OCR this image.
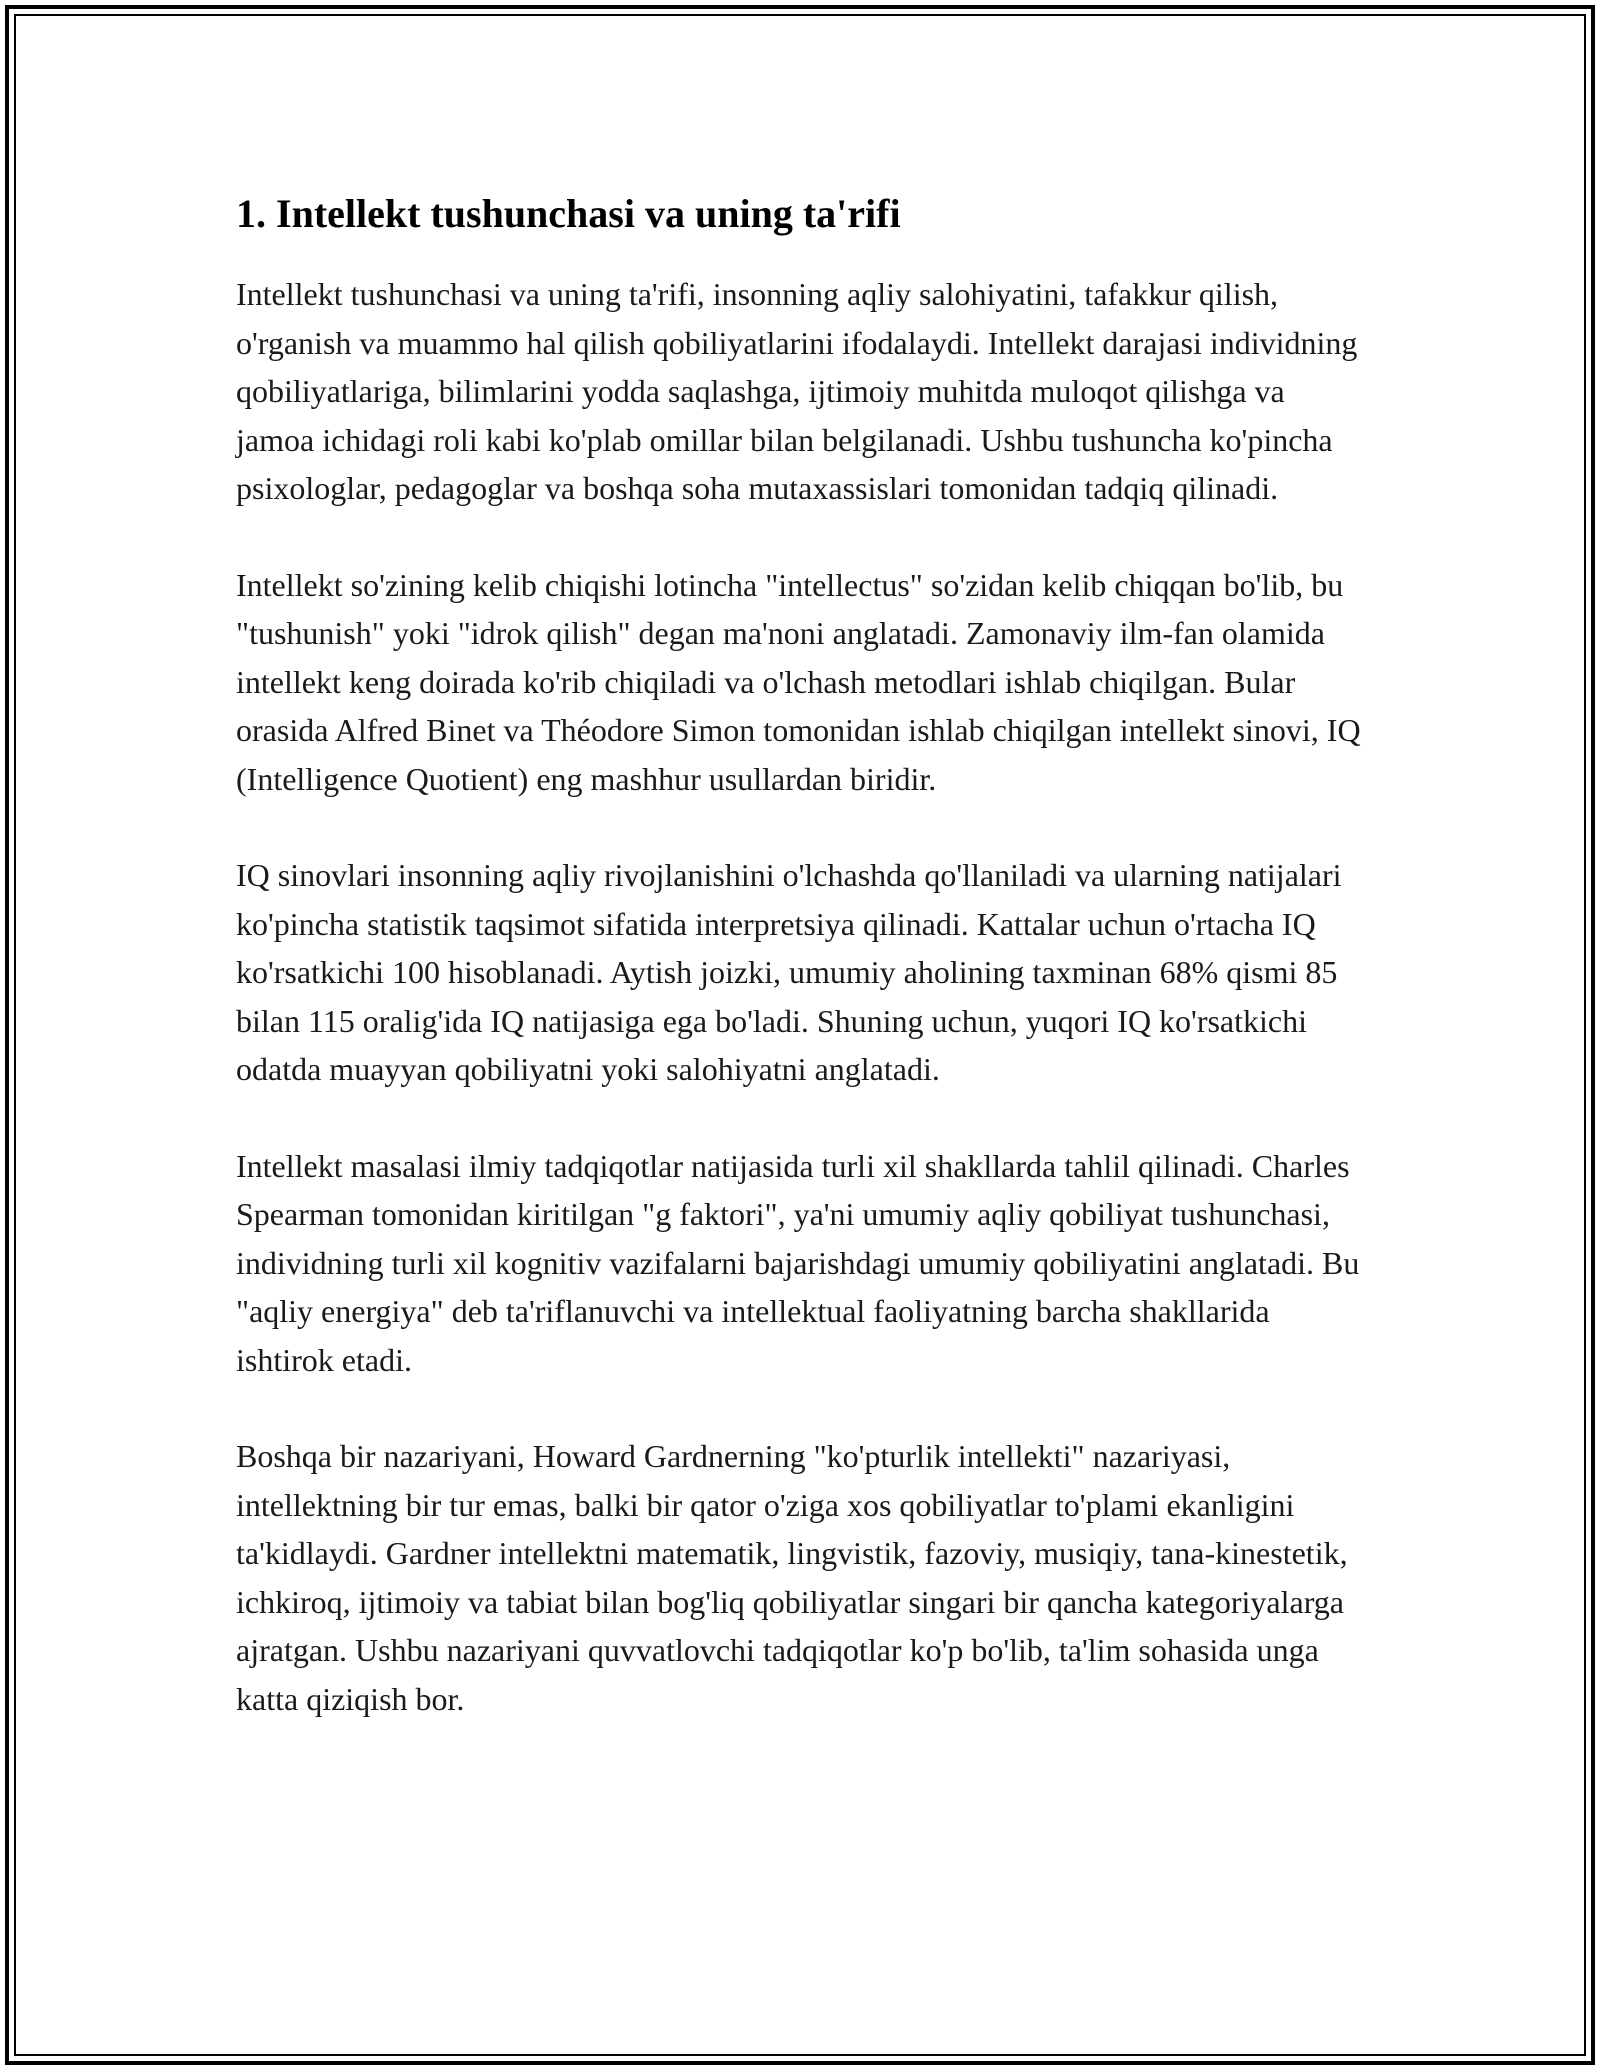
1. Intellekt tushunchasi va uning ta'rifi

Intellekt tushunchasi va uning ta'rifi, insonning aqliy salohiyatini, tafakkur qilish, o'rganish va muammo hal qilish qobiliyatlarini ifodalaydi. Intellekt darajasi individning qobiliyatlariga, bilimlarini yodda saqlashga, ijtimoiy muhitda muloqot qilishga va jamoa ichidagi roli kabi ko'plab omillar bilan belgilanadi. Ushbu tushuncha ko'pincha psixologlar, pedagoglar va boshqa soha mutaxassislari tomonidan tadqiq qilinadi.

Intellekt so'zining kelib chiqishi lotincha "intellectus" so'zidan kelib chiqqan bo'lib, bu "tushunish" yoki "idrok qilish" degan ma'noni anglatadi. Zamonaviy ilm-fan olamida intellekt keng doirada ko'rib chiqiladi va o'lchash metodlari ishlab chiqilgan. Bular orasida Alfred Binet va Théodore Simon tomonidan ishlab chiqilgan intellekt sinovi, IQ (Intelligence Quotient) eng mashhur usullardan biridir.

IQ sinovlari insonning aqliy rivojlanishini o'lchashda qo'llaniladi va ularning natijalari ko'pincha statistik taqsimot sifatida interpretsiya qilinadi. Kattalar uchun o'rtacha IQ ko'rsatkichi 100 hisoblanadi. Aytish joizki, umumiy aholining taxminan 68% qismi 85 bilan 115 oralig'ida IQ natijasiga ega bo'ladi. Shuning uchun, yuqori IQ ko'rsatkichi odatda muayyan qobiliyatni yoki salohiyatni anglatadi.

Intellekt masalasi ilmiy tadqiqotlar natijasida turli xil shakllarda tahlil qilinadi. Charles Spearman tomonidan kiritilgan "g faktori", ya'ni umumiy aqliy qobiliyat tushunchasi, individning turli xil kognitiv vazifalarni bajarishdagi umumiy qobiliyatini anglatadi. Bu "aqliy energiya" deb ta'riflanuvchi va intellektual faoliyatning barcha shakllarida ishtirok etadi.

Boshqa bir nazariyani, Howard Gardnerning "ko'pturlik intellekti" nazariyasi, intellektning bir tur emas, balki bir qator o'ziga xos qobiliyatlar to'plami ekanligini ta'kidlaydi. Gardner intellektni matematik, lingvistik, fazoviy, musiqiy, tana-kinestetik, ichkiroq, ijtimoiy va tabiat bilan bog'liq qobiliyatlar singari bir qancha kategoriyalarga ajratgan. Ushbu nazariyani quvvatlovchi tadqiqotlar ko'p bo'lib, ta'lim sohasida unga katta qiziqish bor.
